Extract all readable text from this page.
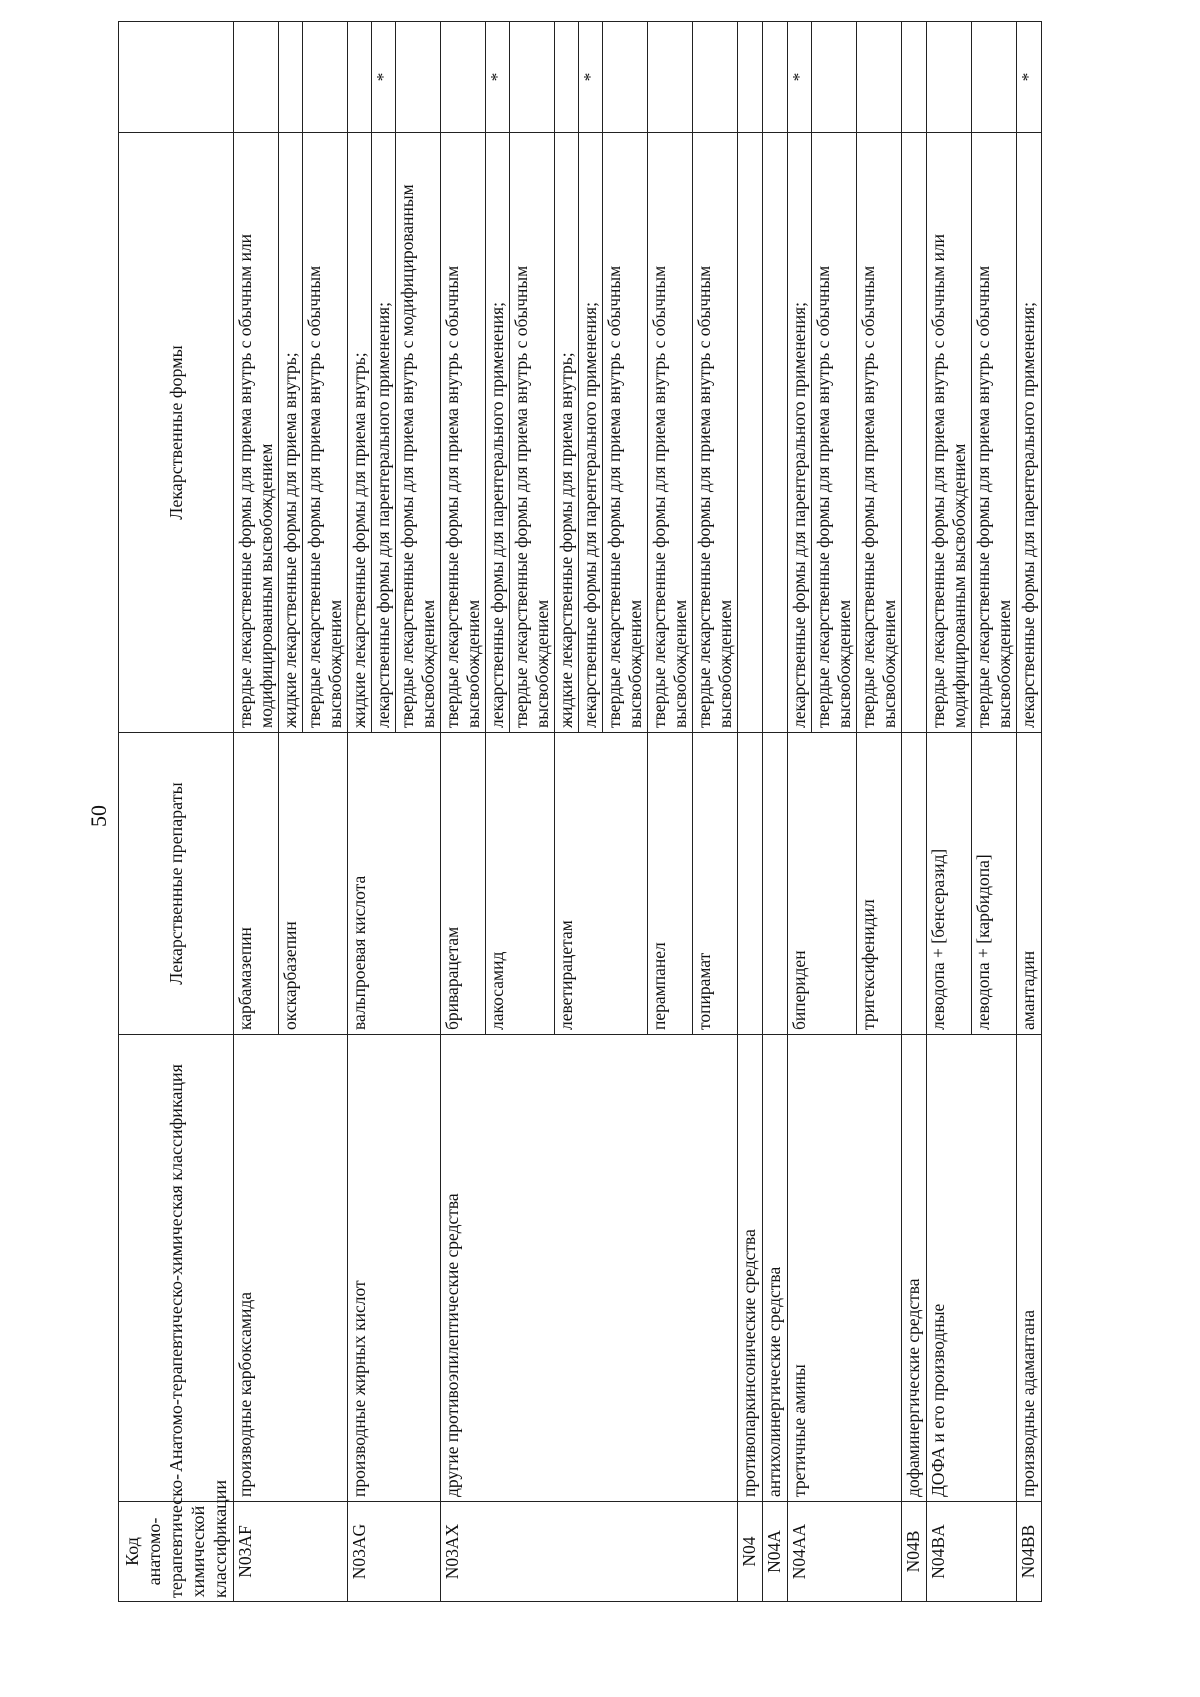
50
Код анатомо-терапевтическо-химической классификации	Анатомо-терапевтическо-химическая классификация	Лекарственные препараты	Лекарственные формы	
N03AF	производные карбоксамида	карбамазепин	твердые лекарственные формы для приема внутрь с обычным или модифицированным высвобождением	
		окскарбазепин	жидкие лекарственные формы для приема внутрь;	
			твердые лекарственные формы для приема внутрь с обычным высвобождением	
N03AG	производные жирных кислот	вальпроевая кислота	жидкие лекарственные формы для приема внутрь;	
			лекарственные формы для парентерального применения;	*
			твердые лекарственные формы для приема внутрь с модифицированным высвобождением	
N03AX	другие противоэпилептические средства	бриварацетам	твердые лекарственные формы для приема внутрь с обычным высвобождением	
		лакосамид	лекарственные формы для парентерального применения;	*
			твердые лекарственные формы для приема внутрь с обычным высвобождением	
		леветирацетам	жидкие лекарственные формы для приема внутрь;	
			лекарственные формы для парентерального применения;	*
			твердые лекарственные формы для приема внутрь с обычным высвобождением	
		перампанел	твердые лекарственные формы для приема внутрь с обычным высвобождением	
		топирамат	твердые лекарственные формы для приема внутрь с обычным высвобождением	
N04	противопаркинсонические средства			
N04A	антихолинергические средства			
N04AA	третичные амины	бипериден	лекарственные формы для парентерального применения;	*
			твердые лекарственные формы для приема внутрь с обычным высвобождением	
		тригексифенидил	твердые лекарственные формы для приема внутрь с обычным высвобождением	
N04B	дофаминергические средства			
N04BA	ДОФА и его производные	леводопа + [бенсеразид]	твердые лекарственные формы для приема внутрь с обычным или модифицированным высвобождением	
		леводопа + [карбидопа]	твердые лекарственные формы для приема внутрь с обычным высвобождением	
N04BB	производные адамантана	амантадин	лекарственные формы для парентерального применения;	*
